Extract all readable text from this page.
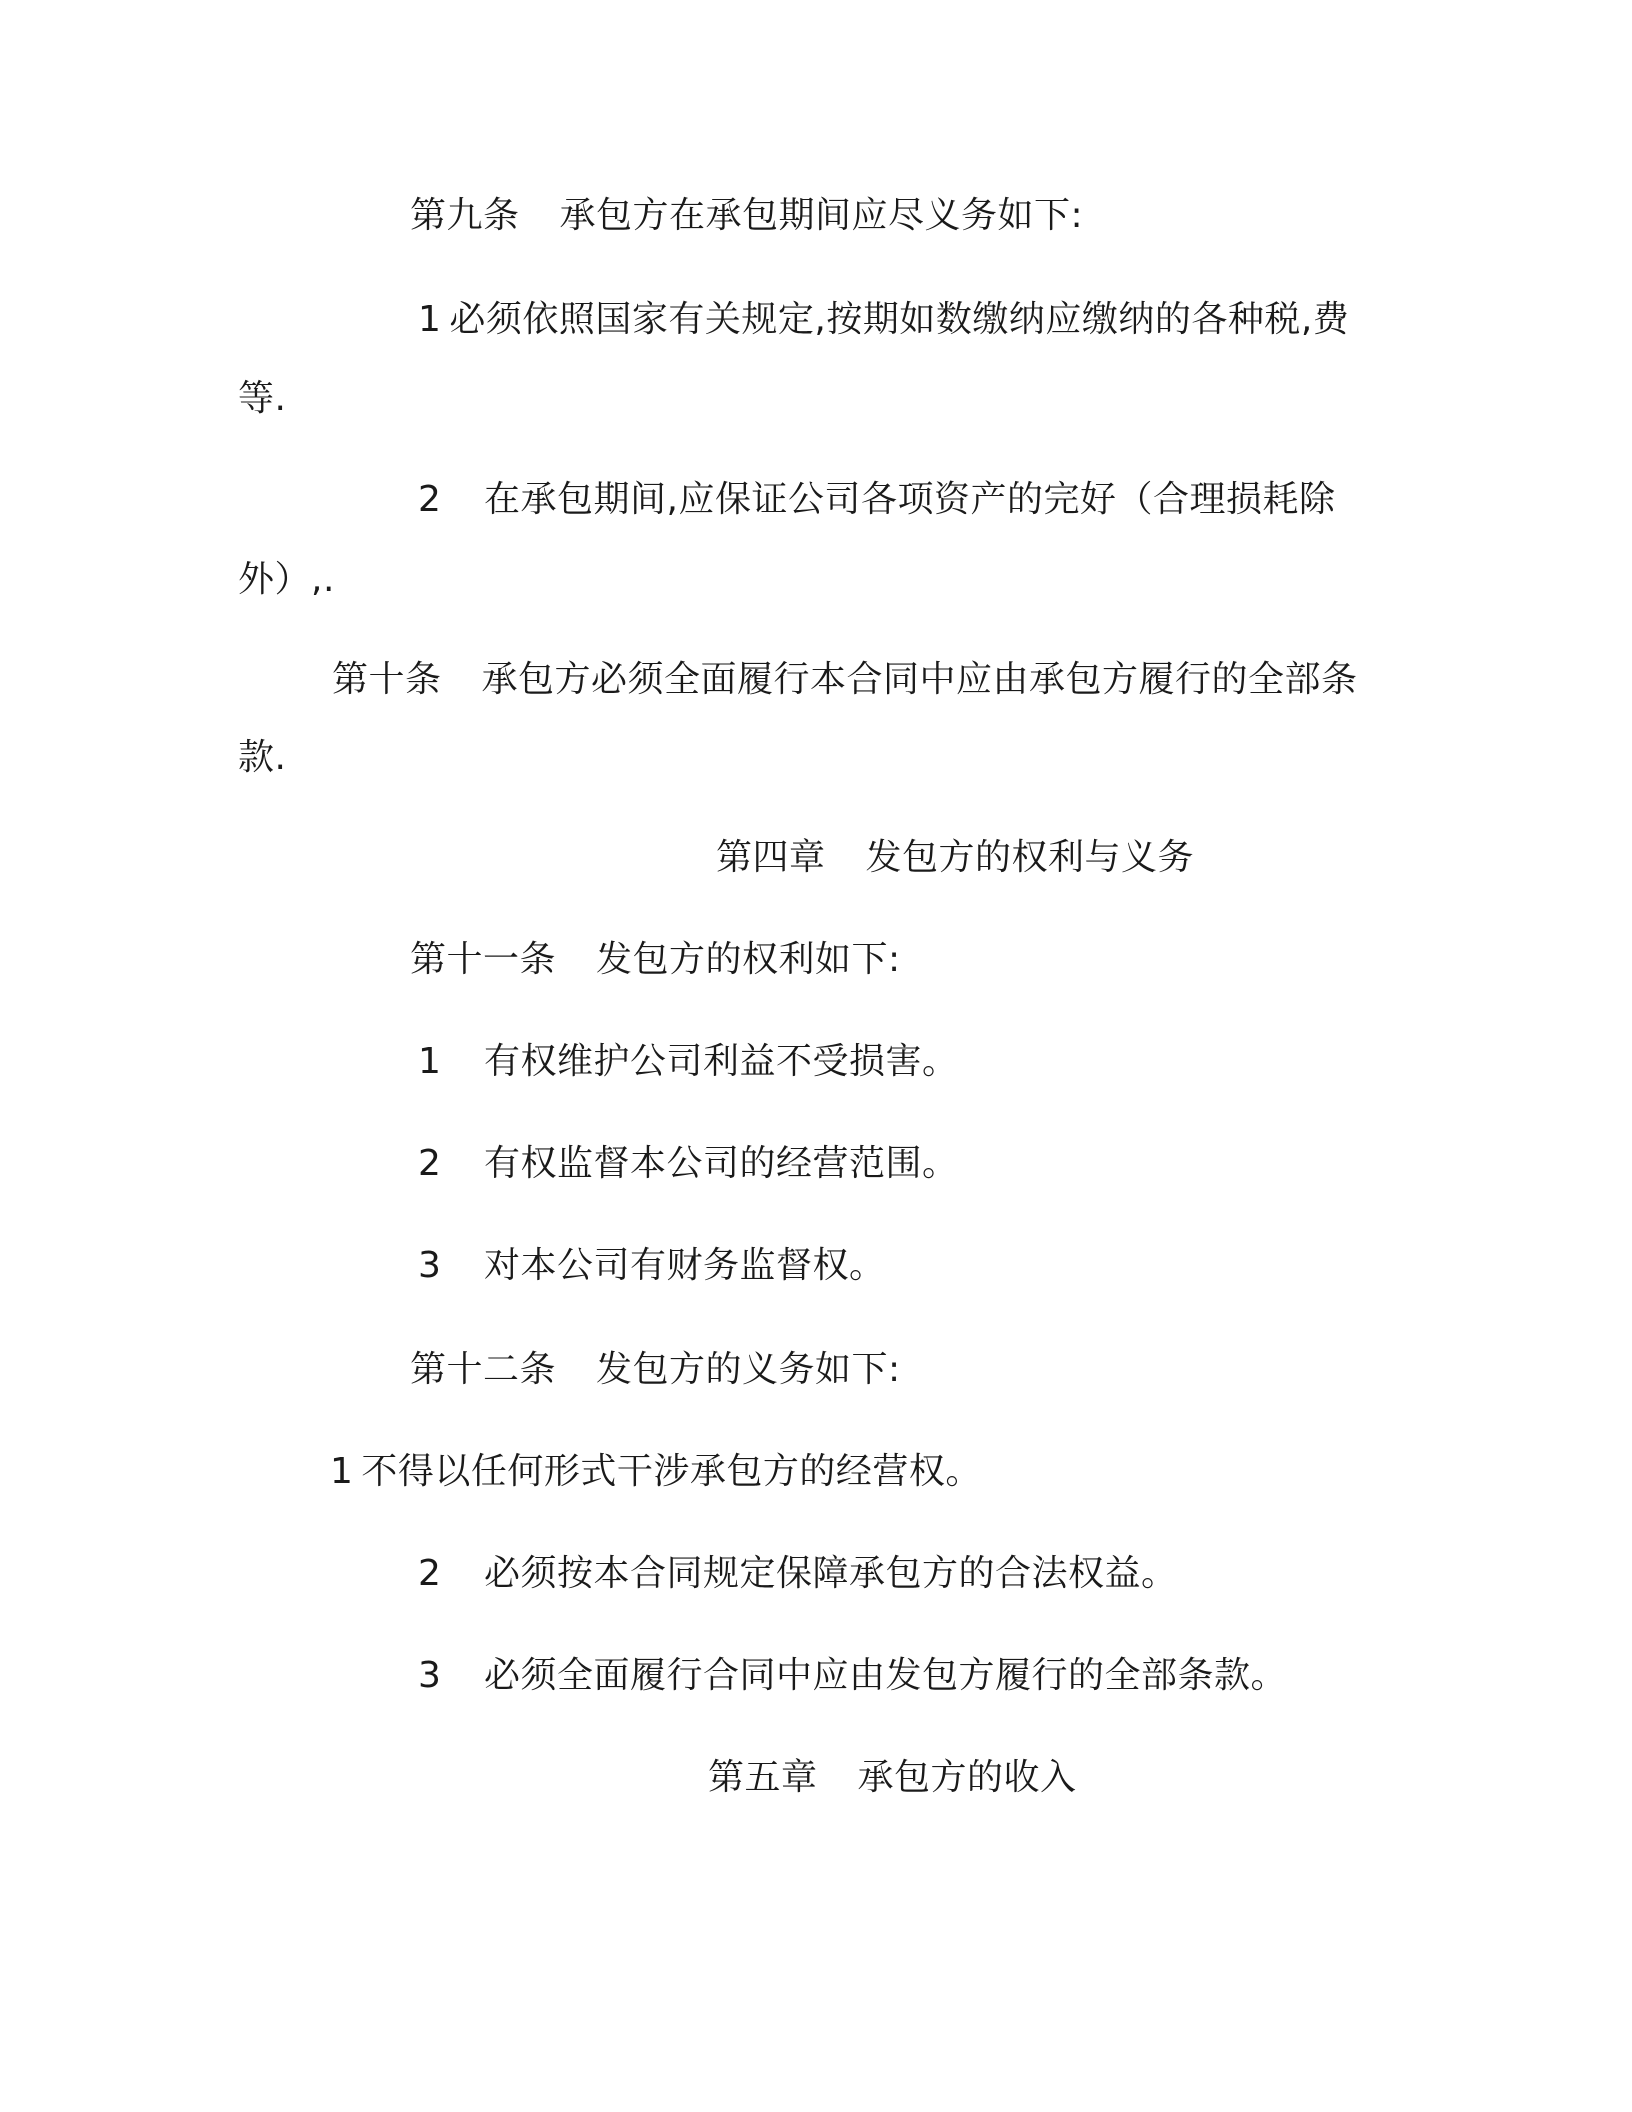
第九条 承包方在承包期间应尽义务如下:
1 必须依照国家有关规定,按期如数缴纳应缴纳的各种税,费
等.
2 在承包期间,应保证公司各项资产的完好（合理损耗除
外）,.
第十条 承包方必须全面履行本合同中应由承包方履行的全部条
款.
第四章 发包方的权利与义务
第十一条 发包方的权利如下:
1 有权维护公司利益不受损害。
2 有权监督本公司的经营范围。
3 对本公司有财务监督权。
第十二条 发包方的义务如下:
1 不得以任何形式干涉承包方的经营权。
2 必须按本合同规定保障承包方的合法权益。
3 必须全面履行合同中应由发包方履行的全部条款。
第五章 承包方的收入
